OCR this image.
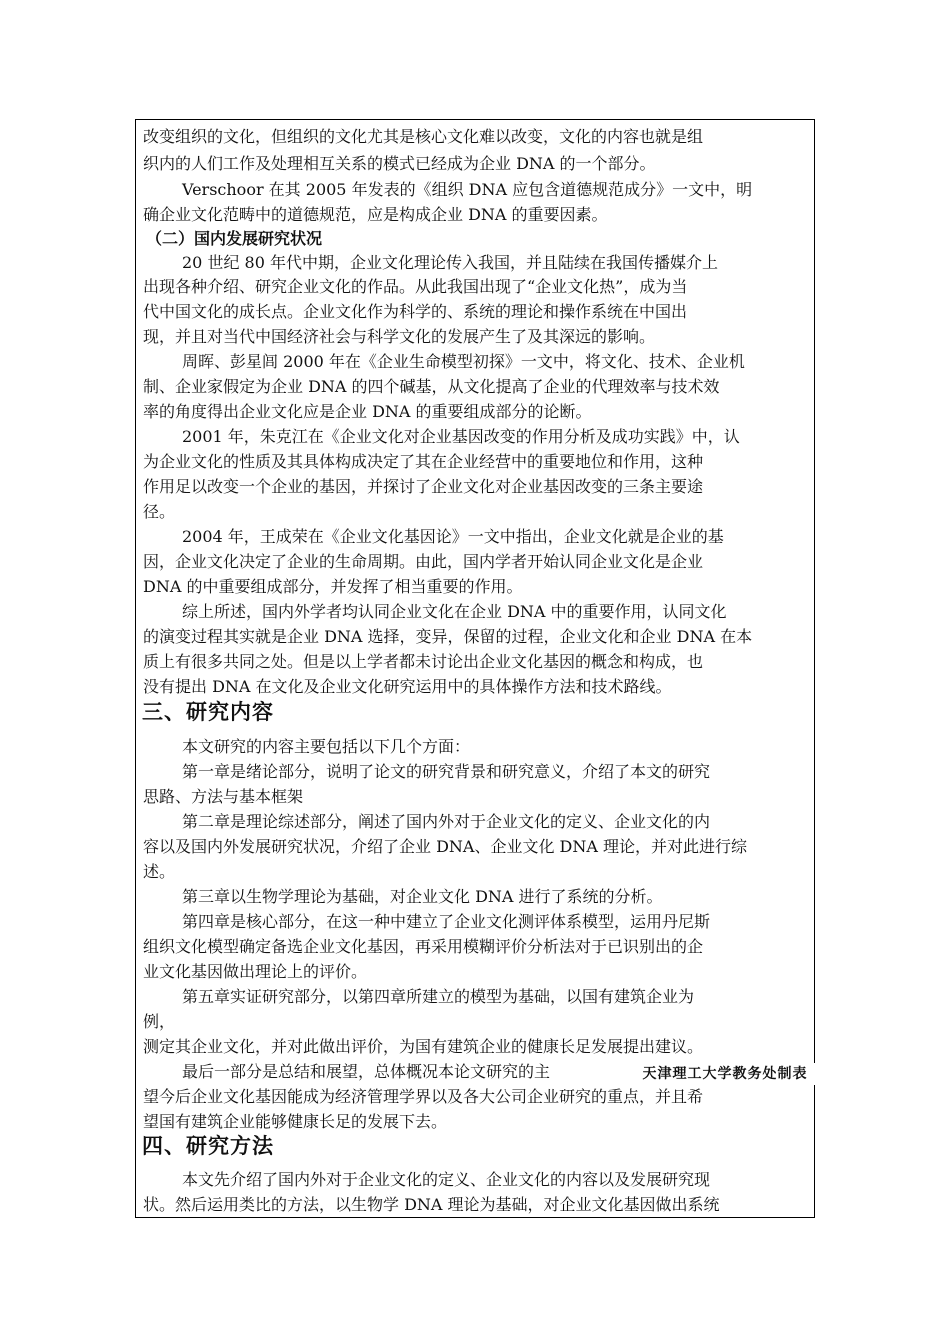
改变组织的文化，但组织的文化尤其是核心文化难以改变，文化的内容也就是组
织内的人们工作及处理相互关系的模式已经成为企业 DNA 的一个部分。
Verschoor 在其 2005 年发表的《组织 DNA 应包含道德规范成分》一文中，明
确企业文化范畴中的道德规范，应是构成企业 DNA 的重要因素。
（二）国内发展研究状况
20 世纪 80 年代中期，企业文化理论传入我国，并且陆续在我国传播媒介上
出现各种介绍、研究企业文化的作品。从此我国出现了“企业文化热”，成为当
代中国文化的成长点。企业文化作为科学的、系统的理论和操作系统在中国出
现，并且对当代中国经济社会与科学文化的发展产生了及其深远的影响。
周晖、彭星闾 2000 年在《企业生命模型初探》一文中，将文化、技术、企业机
制、企业家假定为企业 DNA 的四个碱基，从文化提高了企业的代理效率与技术效
率的角度得出企业文化应是企业 DNA 的重要组成部分的论断。
2001 年，朱克江在《企业文化对企业基因改变的作用分析及成功实践》中，认
为企业文化的性质及其具体构成决定了其在企业经营中的重要地位和作用，这种
作用足以改变一个企业的基因，并探讨了企业文化对企业基因改变的三条主要途
径。
2004 年，王成荣在《企业文化基因论》一文中指出，企业文化就是企业的基
因，企业文化决定了企业的生命周期。由此，国内学者开始认同企业文化是企业
DNA 的中重要组成部分，并发挥了相当重要的作用。
综上所述，国内外学者均认同企业文化在企业 DNA 中的重要作用，认同文化
的演变过程其实就是企业 DNA 选择，变异，保留的过程，企业文化和企业 DNA 在本
质上有很多共同之处。但是以上学者都未讨论出企业文化基因的概念和构成，也
没有提出 DNA 在文化及企业文化研究运用中的具体操作方法和技术路线。
三、研究内容
本文研究的内容主要包括以下几个方面：
第一章是绪论部分，说明了论文的研究背景和研究意义，介绍了本文的研究
思路、方法与基本框架
第二章是理论综述部分，阐述了国内外对于企业文化的定义、企业文化的内
容以及国内外发展研究状况，介绍了企业 DNA、企业文化 DNA 理论，并对此进行综
述。
第三章以生物学理论为基础，对企业文化 DNA 进行了系统的分析。
第四章是核心部分，在这一种中建立了企业文化测评体系模型，运用丹尼斯
组织文化模型确定备选企业文化基因，再采用模糊评价分析法对于已识别出的企
业文化基因做出理论上的评价。
第五章实证研究部分，以第四章所建立的模型为基础，以国有建筑企业为
例，
测定其企业文化，并对此做出评价，为国有建筑企业的健康长足发展提出建议。
最后一部分是总结和展望，总体概况本论文研究的主
望今后企业文化基因能成为经济管理学界以及各大公司企业研究的重点，并且希
望国有建筑企业能够健康长足的发展下去。
四、研究方法
本文先介绍了国内外对于企业文化的定义、企业文化的内容以及发展研究现
状。然后运用类比的方法，以生物学 DNA 理论为基础，对企业文化基因做出系统
天津理工大学教务处制表
